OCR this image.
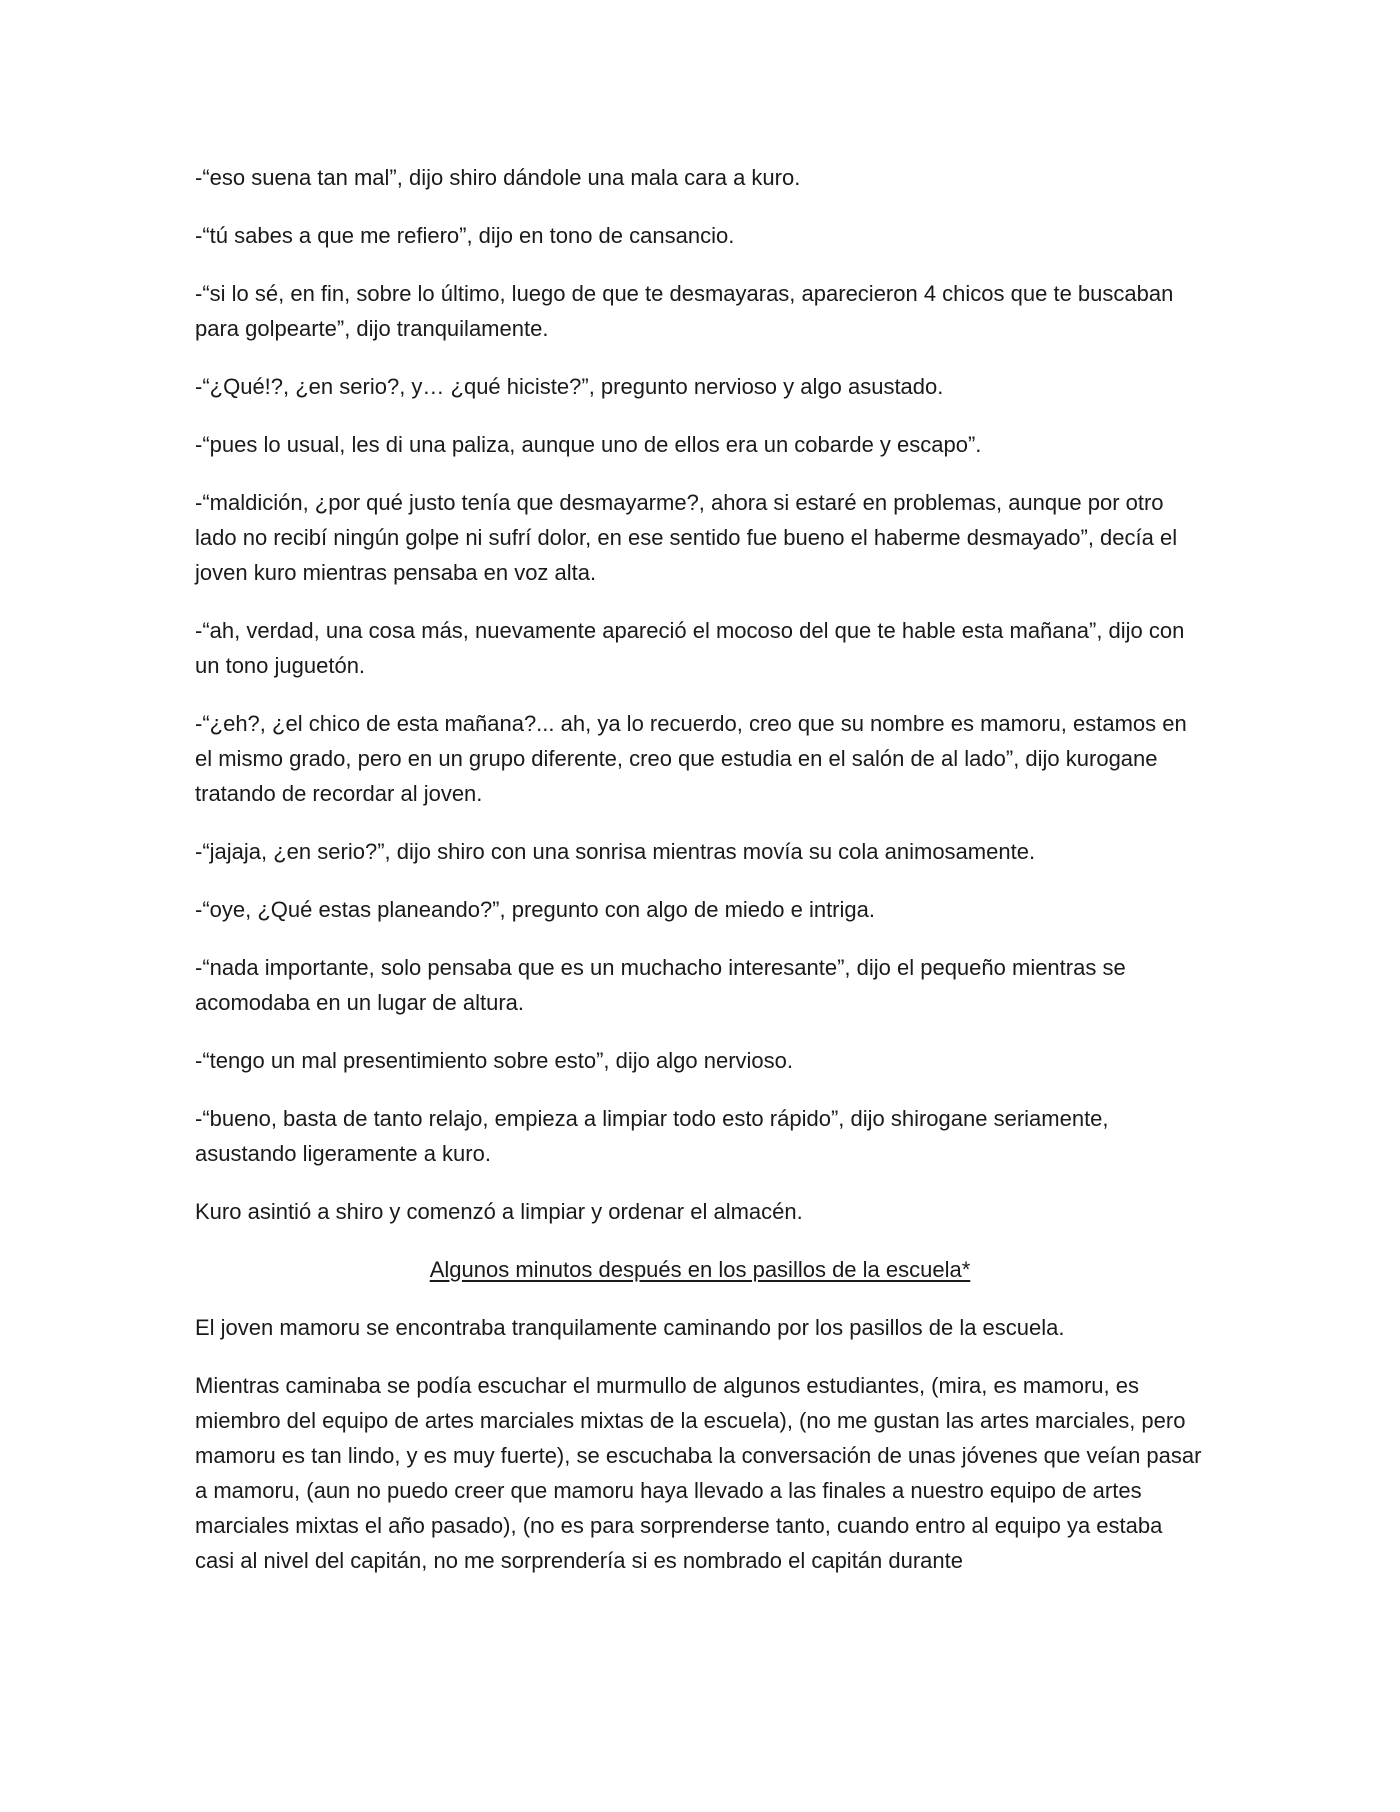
-“eso suena tan mal”, dijo shiro dándole una mala cara a kuro.

-“tú sabes a que me refiero”, dijo en tono de cansancio.

-“si lo sé, en fin, sobre lo último, luego de que te desmayaras, aparecieron 4 chicos que te buscaban para golpearte”, dijo tranquilamente.

-“¿Qué!?, ¿en serio?, y… ¿qué hiciste?”, pregunto nervioso y algo asustado.

-“pues lo usual, les di una paliza, aunque uno de ellos era un cobarde y escapo”.

-“maldición, ¿por qué justo tenía que desmayarme?, ahora si estaré en problemas, aunque por otro lado no recibí ningún golpe ni sufrí dolor, en ese sentido fue bueno el haberme desmayado”, decía el joven kuro mientras pensaba en voz alta.

-“ah, verdad, una cosa más, nuevamente apareció el mocoso del que te hable esta mañana”, dijo con un tono juguetón.

-“¿eh?, ¿el chico de esta mañana?... ah, ya lo recuerdo, creo que su nombre es mamoru, estamos en el mismo grado, pero en un grupo diferente, creo que estudia en el salón de al lado”, dijo kurogane tratando de recordar al joven.

-“jajaja, ¿en serio?”, dijo shiro con una sonrisa mientras movía su cola animosamente.

-“oye, ¿Qué estas planeando?”, pregunto con algo de miedo e intriga.

-“nada importante, solo pensaba que es un muchacho interesante”, dijo el pequeño mientras se acomodaba en un lugar de altura.

-“tengo un mal presentimiento sobre esto”, dijo algo nervioso.

-“bueno, basta de tanto relajo, empieza a limpiar todo esto rápido”, dijo shirogane seriamente, asustando ligeramente a kuro.

Kuro asintió a shiro y comenzó a limpiar y ordenar el almacén.

Algunos minutos después en los pasillos de la escuela*

El joven mamoru se encontraba tranquilamente caminando por los pasillos de la escuela.

Mientras caminaba se podía escuchar el murmullo de algunos estudiantes, (mira, es mamoru, es miembro del equipo de artes marciales mixtas de la escuela), (no me gustan las artes marciales, pero mamoru es tan lindo, y es muy fuerte), se escuchaba la conversación de unas jóvenes que veían pasar a mamoru, (aun no puedo creer que mamoru haya llevado a las finales a nuestro equipo de artes marciales mixtas el año pasado), (no es para sorprenderse tanto, cuando entro al equipo ya estaba casi al nivel del capitán, no me sorprendería si es nombrado el capitán durante
